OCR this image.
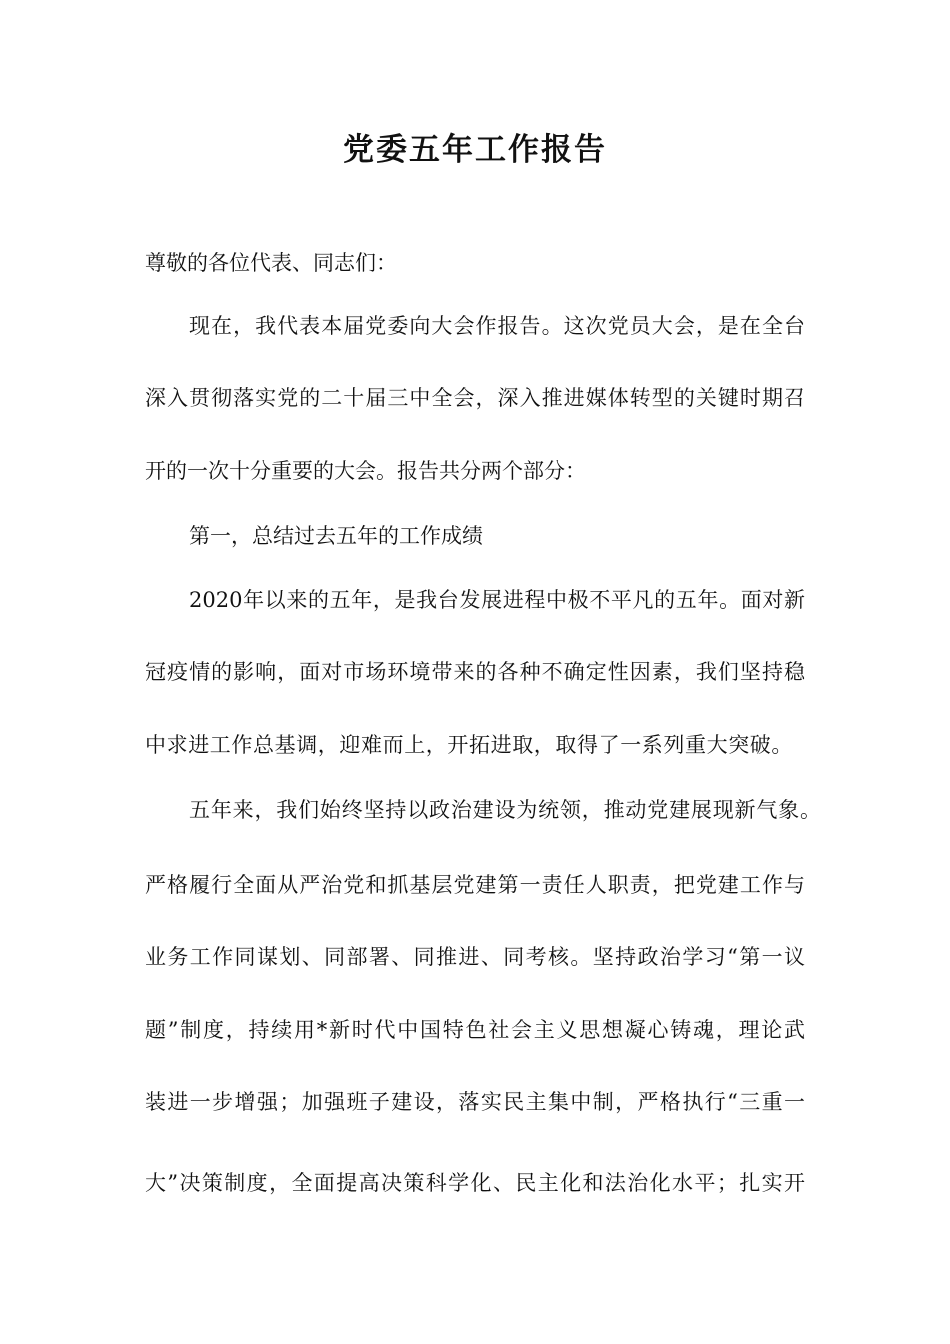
党委五年工作报告
尊敬的各位代表、同志们：
现在，我代表本届党委向大会作报告。这次党员大会，是在全台
深入贯彻落实党的二十届三中全会，深入推进媒体转型的关键时期召
开的一次十分重要的大会。报告共分两个部分：
第一，总结过去五年的工作成绩
2020年以来的五年，是我台发展进程中极不平凡的五年。面对新
冠疫情的影响，面对市场环境带来的各种不确定性因素，我们坚持稳
中求进工作总基调，迎难而上，开拓进取，取得了一系列重大突破。
五年来，我们始终坚持以政治建设为统领，推动党建展现新气象。
严格履行全面从严治党和抓基层党建第一责任人职责，把党建工作与
业务工作同谋划、同部署、同推进、同考核。坚持政治学习“第一议
题”制度，持续用*新时代中国特色社会主义思想凝心铸魂，理论武
装进一步增强；加强班子建设，落实民主集中制，严格执行“三重一
大”决策制度，全面提高决策科学化、民主化和法治化水平；扎实开
